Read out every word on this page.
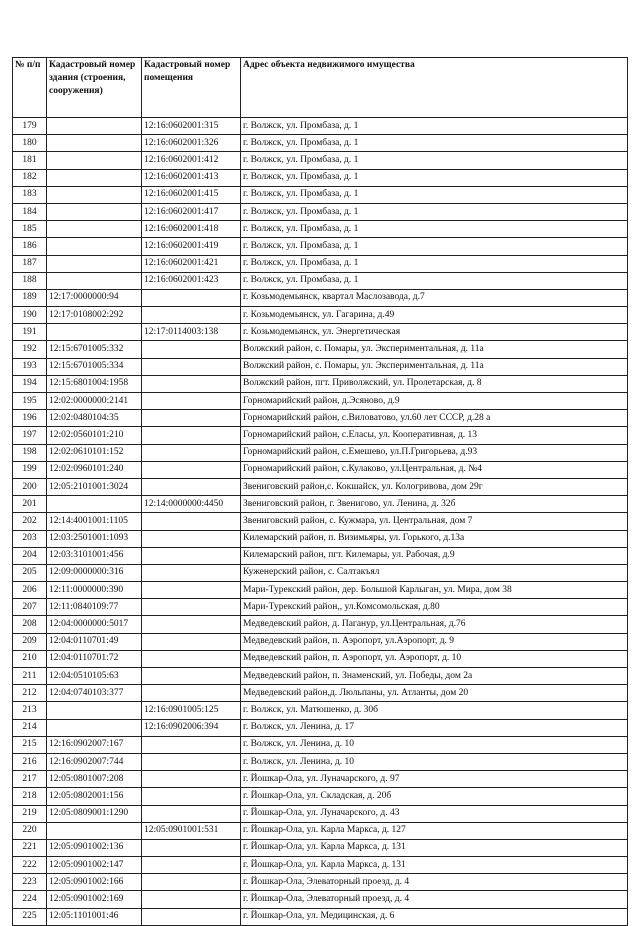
№ п/п	Кадастровый номер здания (строения, сооружения)	Кадастровый номер помещения	Адрес объекта недвижимого имущества
179		12:16:0602001:315	г. Волжск, ул. Промбаза, д. 1
180		12:16:0602001:326	г. Волжск, ул. Промбаза, д. 1
181		12:16:0602001:412	г. Волжск, ул. Промбаза, д. 1
182		12:16:0602001:413	г. Волжск, ул. Промбаза, д. 1
183		12:16:0602001:415	г. Волжск, ул. Промбаза, д. 1
184		12:16:0602001:417	г. Волжск, ул. Промбаза, д. 1
185		12:16:0602001:418	г. Волжск, ул. Промбаза, д. 1
186		12:16:0602001:419	г. Волжск, ул. Промбаза, д. 1
187		12:16:0602001:421	г. Волжск, ул. Промбаза, д. 1
188		12:16:0602001:423	г. Волжск, ул. Промбаза, д. 1
189	12:17:0000000:94		г. Козьмодемьянск, квартал Маслозавода, д.7
190	12:17:0108002:292		г. Козьмодемьянск, ул. Гагарина, д.49
191		12:17:0114003:138	г. Козьмодемьянск, ул. Энергетическая
192	12:15:6701005:332		Волжский район, с. Помары, ул. Экспериментальная, д. 11а
193	12:15:6701005:334		Волжский район, с. Помары, ул. Экспериментальная, д. 11а
194	12:15:6801004:1958		Волжский район, пгт. Приволжский, ул. Пролетарская, д. 8
195	12:02:0000000:2141		Горномарийский район, д.Эсяново, д.9
196	12:02:0480104:35		Горномарийский район, с.Виловатово, ул.60 лет СССР, д.28 а
197	12:02:0560101:210		Горномарийский район, с.Еласы, ул. Кооперативная, д. 13
198	12:02:0610101:152		Горномарийский район, с.Емешево, ул.П.Григорьева, д.93
199	12:02:0960101:240		Горномарийский район, с.Кулаково, ул.Центральная, д. №4
200	12:05:2101001:3024		Звениговский район,с. Кокшайск, ул. Кологривова, дом 29г
201		12:14:0000000:4450	Звениговский район, г. Звенигово, ул. Ленина, д. 32б
202	12:14:4001001:1105		Звениговский район, с. Кужмара, ул. Центральная, дом 7
203	12:03:2501001:1093		Килемарский район, п. Визимьяры, ул. Горького, д.13а
204	12:03:3101001:456		Килемарский район, пгт. Килемары, ул. Рабочая, д.9
205	12:09:0000000:316		Куженерский район, с. Салтакъял
206	12:11:0000000:390		Мари-Турекский район, дер. Большой Карлыган, ул. Мира, дом 38
207	12:11:0840109:77		Мари-Турекский район,, ул.Комсомольская, д.80
208	12:04:0000000:5017		Медведевский район, д. Пагануp, ул.Центральная, д.76
209	12:04:0110701:49		Медведевский район, п. Аэропорт, ул.Аэропорт, д. 9
210	12:04:0110701:72		Медведевский район, п. Аэропорт, ул. Аэропорт, д. 10
211	12:04:0510105:63		Медведевский район, п. Знаменский, ул. Победы, дом 2а
212	12:04:0740103:377		Медведевский район,д. Люльпаны, ул. Атланты, дом 20
213		12:16:0901005:125	г. Волжск, ул. Матюшенко, д. 30б
214		12:16:0902006:394	г. Волжск, ул. Ленина, д. 17
215	12:16:0902007:167		г. Волжск, ул. Ленина, д. 10
216	12:16:0902007:744		г. Волжск, ул. Ленина, д. 10
217	12:05:0801007:208		г. Йошкар-Ола, ул. Луначарского, д. 97
218	12:05:0802001:156		г. Йошкар-Ола, ул. Складская, д. 20б
219	12:05:0809001:1290		г. Йошкар-Ола, ул. Луначарского, д. 43
220		12:05:0901001:531	г. Йошкар-Ола, ул. Карла Маркса, д. 127
221	12:05:0901002:136		г. Йошкар-Ола, ул. Карла Маркса, д. 131
222	12:05:0901002:147		г. Йошкар-Ола, ул. Карла Маркса, д. 131
223	12:05:0901002:166		г. Йошкар-Ола, Элеваторный проезд, д. 4
224	12:05:0901002:169		г. Йошкар-Ола, Элеваторный проезд, д. 4
225	12:05:1101001:46		г. Йошкар-Ола, ул. Медицинская, д. 6
